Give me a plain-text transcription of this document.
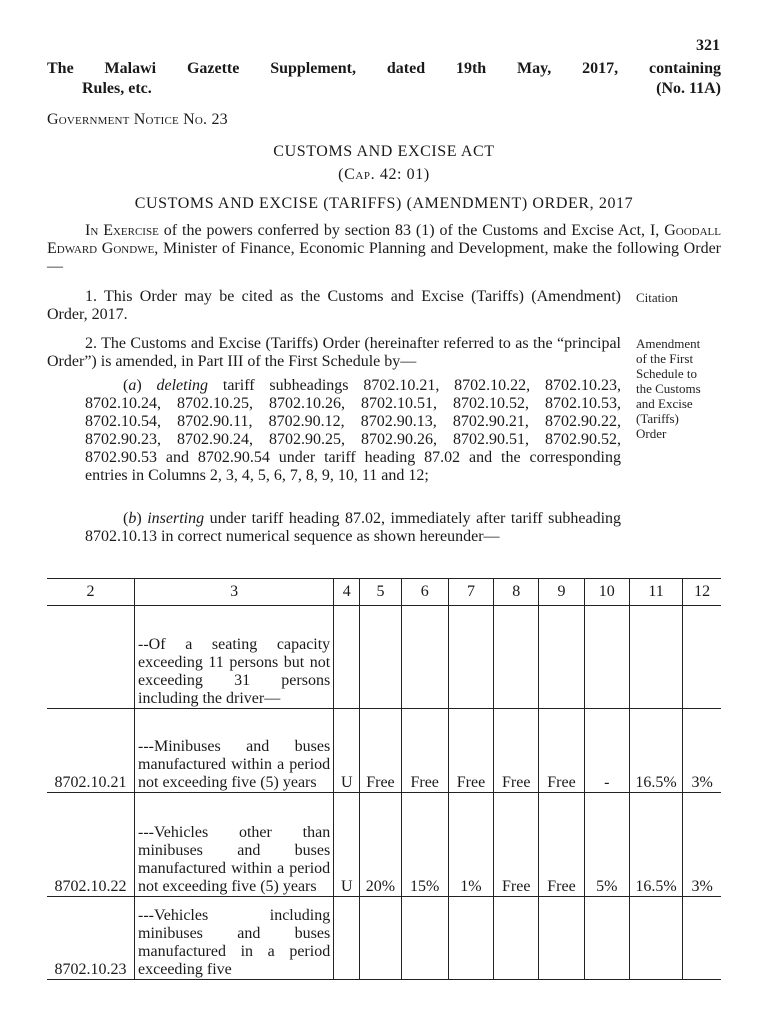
321
The Malawi Gazette Supplement, dated 19th May, 2017, containing
Rules, etc.	(No. 11A)
Government Notice No. 23
CUSTOMS AND EXCISE ACT
(Cap. 42: 01)
CUSTOMS AND EXCISE (TARIFFS) (AMENDMENT) ORDER, 2017
In Exercise of the powers conferred by section 83 (1) of the Customs and Excise Act, I, Goodall Edward Gondwe, Minister of Finance, Economic Planning and Development, make the following Order—
1. This Order may be cited as the Customs and Excise (Tariffs) (Amendment) Order, 2017.
2. The Customs and Excise (Tariffs) Order (hereinafter referred to as the “principal Order”) is amended, in Part III of the First Schedule by—
(a) deleting tariff subheadings 8702.10.21, 8702.10.22, 8702.10.23, 8702.10.24, 8702.10.25, 8702.10.26, 8702.10.51, 8702.10.52, 8702.10.53, 8702.10.54, 8702.90.11, 8702.90.12, 8702.90.13, 8702.90.21, 8702.90.22, 8702.90.23, 8702.90.24, 8702.90.25, 8702.90.26, 8702.90.51, 8702.90.52, 8702.90.53 and 8702.90.54 under tariff heading 87.02 and the corresponding entries in Columns 2, 3, 4, 5, 6, 7, 8, 9, 10, 11 and 12;
(b) inserting under tariff heading 87.02, immediately after tariff subheading 8702.10.13 in correct numerical sequence as shown hereunder—
Citation
Amendment
of the First
Schedule to
the Customs
and Excise
(Tariffs)
Order
2	3	4	5	6	7	8	9	10	11	12

	--Of a seating capacity exceeding 11 persons but not exceeding 31 persons including the driver—									

8702.10.21	---Minibuses and buses manufactured within a period not exceeding five (5) years	U	Free	Free	Free	Free	Free	-	16.5%	3%
8702.10.22	---Vehicles other than minibuses and buses manufactured within a period not exceeding five (5) years	U	20%	15%	1%	Free	Free	5%	16.5%	3%
8702.10.23	---Vehicles including minibuses and buses manufactured in a period exceeding five									
